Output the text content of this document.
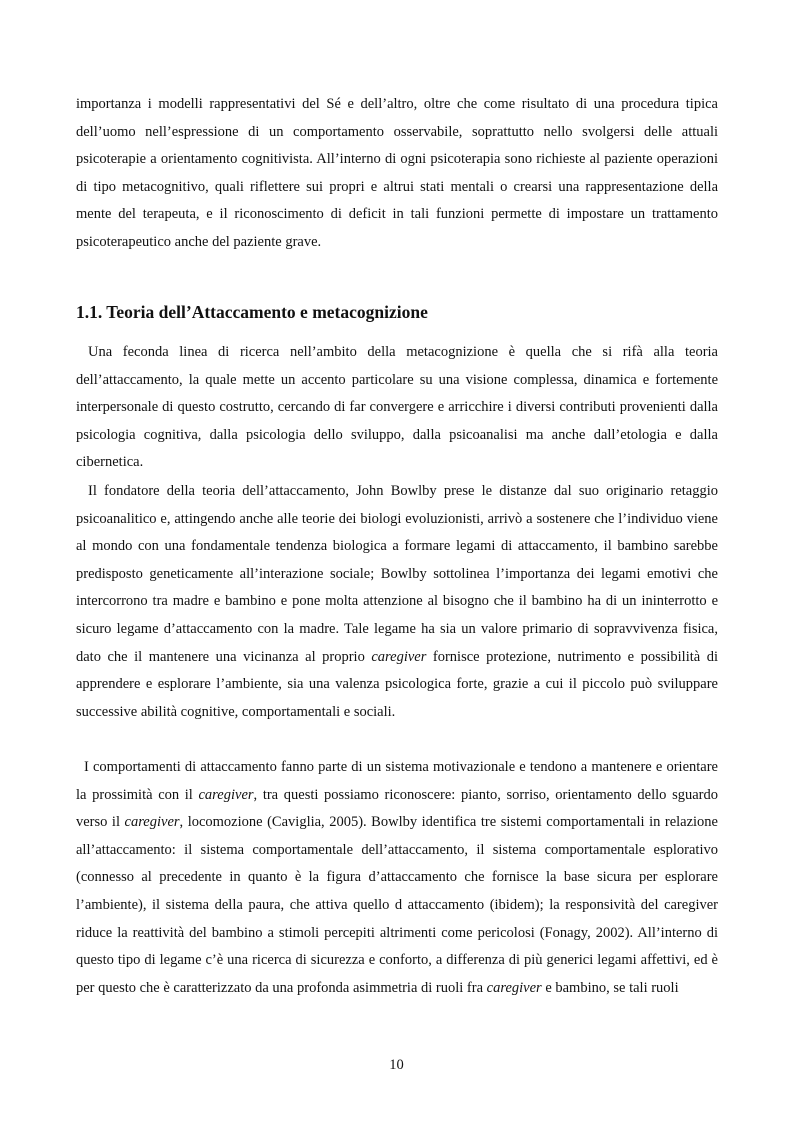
importanza i modelli rappresentativi del Sé e dell’altro, oltre che come risultato di una procedura tipica dell’uomo nell’espressione di un comportamento osservabile, soprattutto nello svolgersi delle attuali psicoterapie a orientamento cognitivista. All’interno di ogni psicoterapia sono richieste al paziente operazioni di tipo metacognitivo, quali riflettere sui propri e altrui stati mentali o crearsi una rappresentazione della mente del terapeuta, e il riconoscimento di deficit in tali funzioni permette di impostare un trattamento psicoterapeutico anche del paziente grave.

1.1. Teoria dell’Attaccamento e metacognizione

Una feconda linea di ricerca nell’ambito della metacognizione è quella che si rifà alla teoria dell’attaccamento, la quale mette un accento particolare su una visione complessa, dinamica e fortemente interpersonale di questo costrutto, cercando di far convergere e arricchire i diversi contributi provenienti dalla psicologia cognitiva, dalla psicologia dello sviluppo, dalla psicoanalisi ma anche dall’etologia e dalla cibernetica.

Il fondatore della teoria dell’attaccamento, John Bowlby prese le distanze dal suo originario retaggio psicoanalitico e, attingendo anche alle teorie dei biologi evoluzionisti, arrivò a sostenere che l’individuo viene al mondo con una fondamentale tendenza biologica a formare legami di attaccamento, il bambino sarebbe predisposto geneticamente all’interazione sociale; Bowlby sottolinea l’importanza dei legami emotivi che intercorrono tra madre e bambino e pone molta attenzione al bisogno che il bambino ha di un ininterrotto e sicuro legame d’attaccamento con la madre. Tale legame ha sia un valore primario di sopravvivenza fisica, dato che il mantenere una vicinanza al proprio caregiver fornisce protezione, nutrimento e possibilità di apprendere e esplorare l’ambiente, sia una valenza psicologica forte, grazie a cui il piccolo può sviluppare successive abilità cognitive, comportamentali e sociali.

I comportamenti di attaccamento fanno parte di un sistema motivazionale e tendono a mantenere e orientare la prossimità con il caregiver, tra questi possiamo riconoscere: pianto, sorriso, orientamento dello sguardo verso il caregiver, locomozione (Caviglia, 2005). Bowlby identifica tre sistemi comportamentali in relazione all’attaccamento: il sistema comportamentale dell’attaccamento, il sistema comportamentale esplorativo (connesso al precedente in quanto è la figura d’attaccamento che fornisce la base sicura per esplorare l’ambiente), il sistema della paura, che attiva quello d attaccamento (ibidem); la responsività del caregiver riduce la reattività del bambino a stimoli percepiti altrimenti come pericolosi (Fonagy, 2002). All’interno di questo tipo di legame c’è una ricerca di sicurezza e conforto, a differenza di più generici legami affettivi, ed è per questo che è caratterizzato da una profonda asimmetria di ruoli fra caregiver e bambino, se tali ruoli

10
